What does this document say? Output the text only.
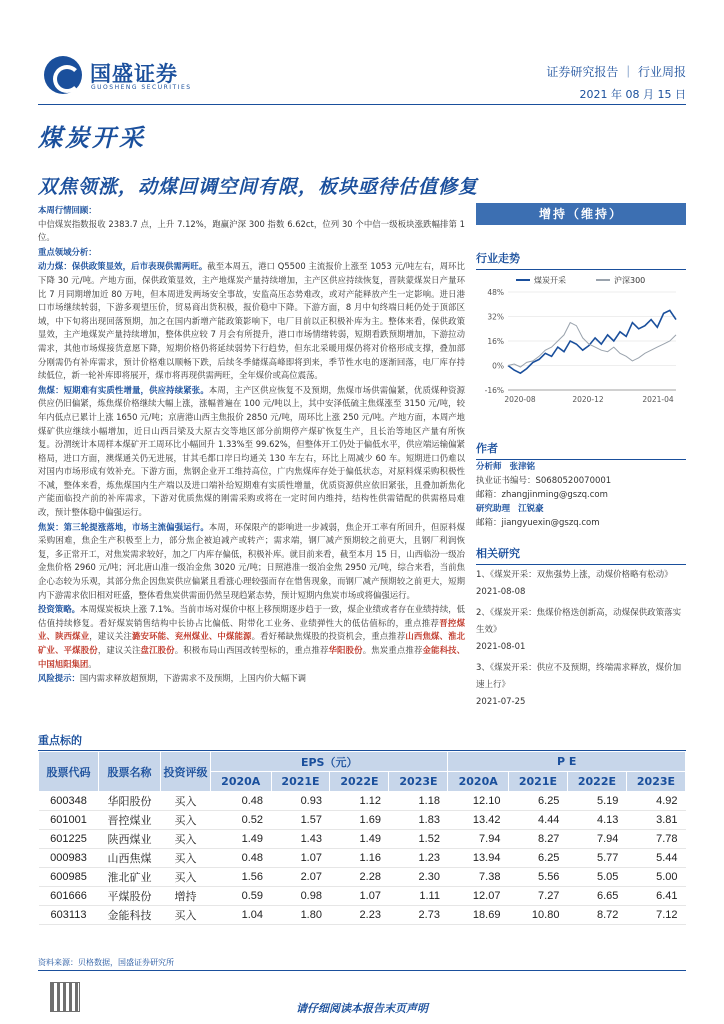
国盛证券
GUOSHENG SECURITIES
证券研究报告 ｜ 行业周报
2021 年 08 月 15 日
煤炭开采
双焦领涨，动煤回调空间有限，板块亟待估值修复

本周行情回顾：
中信煤炭指数报收 2383.7 点，上升 7.12%，跑赢沪深 300 指数 6.62ct，位列 30 个中信一级板块涨跌幅排第 1 位。

重点领域分析：

动力煤：保供政策显效，后市表现供需两旺。截至本周五，港口 Q5500 主流报价上涨至 1053 元/吨左右，周环比下降 30 元/吨。产地方面，保供政策显效，主产地煤炭产量持续增加，主产区供应持续恢复，晋陕蒙煤炭日产量环比 7 月同期增加近 80 万吨，但本周进发两场安全事故，安监高压态势难改，或对产能释放产生一定影响。进日港口市场继续转弱，下游多观望压价，贸易商出货积极，报价稳中下降。下游方面，8 月中旬终端日耗仍处于顶部区域，中下旬将出现回落预期，加之在国内新增产能政策影响下，电厂目前以正积极补库为主。整体来看，保供政策显效，主产地煤炭产量持续增加，整体供应较 7 月会有所提升，港口市场情绪转弱，短期看跌预期增加，下游拉动需求，其他市场煤接货意愿下降，短期价格仍将延续弱势下行趋势，但东北采暖用煤仍将对价格形成支撑，叠加部分刚需仍有补库需求，预计价格难以顺畅下跌，后续冬季储煤高峰即将到来，季节性水电的逐渐回落，电厂库存持续低位，新一轮补库即将展开，煤市将再现供需两旺，全年煤价或高位震荡。

焦煤：短期难有实质性增量，供应持续紧张。本周，主产区供应恢复不及预期，焦煤市场供需偏紧，优质煤种资源供应仍旧偏紧，炼焦煤价格继续大幅上涨，涨幅普遍在 100 元/吨以上，其中安泽低硫主焦煤涨至 3150 元/吨，较年内低点已累计上涨 1650 元/吨；京唐港山西主焦报价 2850 元/吨，周环比上涨 250 元/吨。产地方面，本周产地煤矿供应继续小幅增加，近日山西吕梁及大原古交等地区部分前期停产煤矿恢复生产，且长治等地区产量有所恢复。汾渭统计本周样本煤矿开工周环比小幅回升 1.33%至 99.62%，但整体开工仍处于偏低水平，供应端运输偏紧格局，进口方面，澳煤通关仍无进展，甘其毛都口岸日均通关 130 车左右，环比上周减少 60 车。短期进口仍难以对国内市场形成有效补充。下游方面，焦钢企业开工维持高位，广内焦煤库存处于偏低状态，对原料煤采购积极性不减，整体来看，炼焦煤国内生产端以及进口端补给短期难有实质性增量，优质资源供应依旧紧张，且叠加新焦化产能面临投产前的补库需求，下游对优质焦煤的刚需采购或将在一定时间内维持，结构性供需错配的供需格局难改，预计整体稳中偏强运行。

焦炭：第三轮提涨落地，市场主流偏强运行。本周，环保限产的影响进一步减弱，焦企开工率有所回升，但原料煤采购困难，焦企生产积极至上力，部分焦企被迫减产或转产；需求端，钢厂减产预期较之前更大，且钢厂利润恢复，多正常开工，对焦炭需求较好，加之厂内库存偏低，积极补库。就目前来看，截至本月 15 日，山西临汾一级冶金焦价格 2960 元/吨；河北唐山准一级冶金焦 3020 元/吨；日照港准一级冶金焦 2950 元/吨，综合来看，当前焦企心态较为乐观，其部分焦企因焦炭供应偏紧且看涨心理较强而存在惜售现象，而钢厂减产预期较之前更大，短期内下游需求依旧相对旺盛，整体看焦炭供需面仍然呈现趋紧态势，预计短期内焦炭市场或将偏强运行。

投资策略。本周煤炭板块上涨 7.1%。当前市场对煤价中枢上移预期逐步趋于一致，煤企业绩或者存在业绩持续，低估值持续修复。看好煤炭销售结构中长协占比偏低、附带化工业务、业绩弹性大的低估值标的，重点推荐晋控煤业、陕西煤业，建议关注潞安环能、兖州煤业、中煤能源。看好稀缺焦煤股的投资机会，重点推荐山西焦煤、淮北矿业、平煤股份，建议关注盘江股份。积极布局山西国改转型标的，重点推荐华阳股份。焦炭重点推荐金能科技、中国旭阳集团。

风险提示：国内需求释放超预期，下游需求不及预期，上国内价大幅下调

增持（维持）
行业走势
48%
32%
16%
0%
-16%
2020-08	2020-12	2021-04
煤炭开采	沪深300
作者
分析师 张津铭
执业证书编号：S0680520070001
邮箱：zhangjinming@gszq.com
研究助理 江锐豪
邮箱：jiangyuexin@gszq.com
相关研究
1、《煤炭开采：双焦强势上涨，动煤价格略有松动》
2021-08-08
2、《煤炭开采：焦煤价格迭创新高，动煤保供政策落实生效》
2021-08-01
3、《煤炭开采：供应不及预期，终端需求释放，煤价加速上行》
2021-07-25
重点标的
股票代码	股票名称	投资评级	EPS（元）				P E			
			2020A	2021E	2022E	2023E	2020A	2021E	2022E	2023E
600348	华阳股份	买入	0.48	0.93	1.12	1.18	12.10	6.25	5.19	4.92
601001	晋控煤业	买入	0.52	1.57	1.69	1.83	13.42	4.44	4.13	3.81
601225	陕西煤业	买入	1.49	1.43	1.49	1.52	7.94	8.27	7.94	7.78
000983	山西焦煤	买入	0.48	1.07	1.16	1.23	13.94	6.25	5.77	5.44
600985	淮北矿业	买入	1.56	2.07	2.28	2.30	7.38	5.56	5.05	5.00
601666	平煤股份	增持	0.59	0.98	1.07	1.11	12.07	7.27	6.65	6.41
603113	金能科技	买入	1.04	1.80	2.23	2.73	18.69	10.80	8.72	7.12
资料来源：贝格数据，国盛证券研究所
请仔细阅读本报告末页声明
